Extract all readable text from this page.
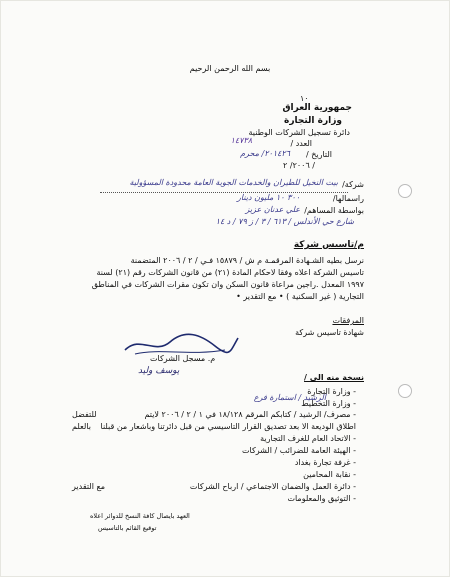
بسم الله الرحمن الرحيم
١٠
جمهورية العراق
وزارة التجارة
دائرة تسجيل الشركات الوطنية
العدد /
١٤٧٣٨
التاريخ /
٢٠١٤٢٦/ محرم
٢٠٠٦/ ٢ /
شركة/
بيت النخيل للطيران والخدمات الجوية العامة محدودة المسؤولية
راسمالها/
٣٠٠ ١٠ مليون دينار
بواسطة المساهم/
علي عدنان عزيز
شارع حي الأندلس / ٦١٣ / ٣ / ز ٧٩ / د ١٤
م/تاسيس شركة
نرسل بطيه الشـهادة المرقمـة م ش / ١٥٨٧٩ فـي / ٢ / ٢٠٠٦ المتضمنة
تاسيس الشركة اعلاه وفقا لاحكام المادة (٢١) من قانون الشركات رقم (٢١) لسنة
١٩٩٧ المعدل .راجين مراعاة قانون السكن وان تكون مقرات الشركات في المناطق
التجارية ( غير السكنية ) • مع التقدير •
المرفقات
شهادة تاسيس شركة
م. مسجل الشركات
يوسف وليد
نسخة منه الى /
- وزارة التجارة
- وزارة التخطيط
الرشيد / استمارة فرع
- مصرف/ الرشيد / كتابكم المرقم ١٨/١٢٨ في ١ / ٢ / ٢٠٠٦ لايتم
اطلاق الوديعة الا بعد تصديق القرار التاسيسي من قبل دائرتنا وباشعار من قبلنا
- الاتحاد العام للغرف التجارية
- الهيئة العامة للضرائب / الشركات
- غرفة تجارة بغداد
- نقابة المحامين
- دائرة العمل والضمان الاجتماعي / ارباح الشركات
- التوثيق والمعلومات
للتفضل
بالعلم
مع التقدير
العهد بايصال كافة النسخ للدوائر اعلاه
توقيع القائم بالتاسيس
